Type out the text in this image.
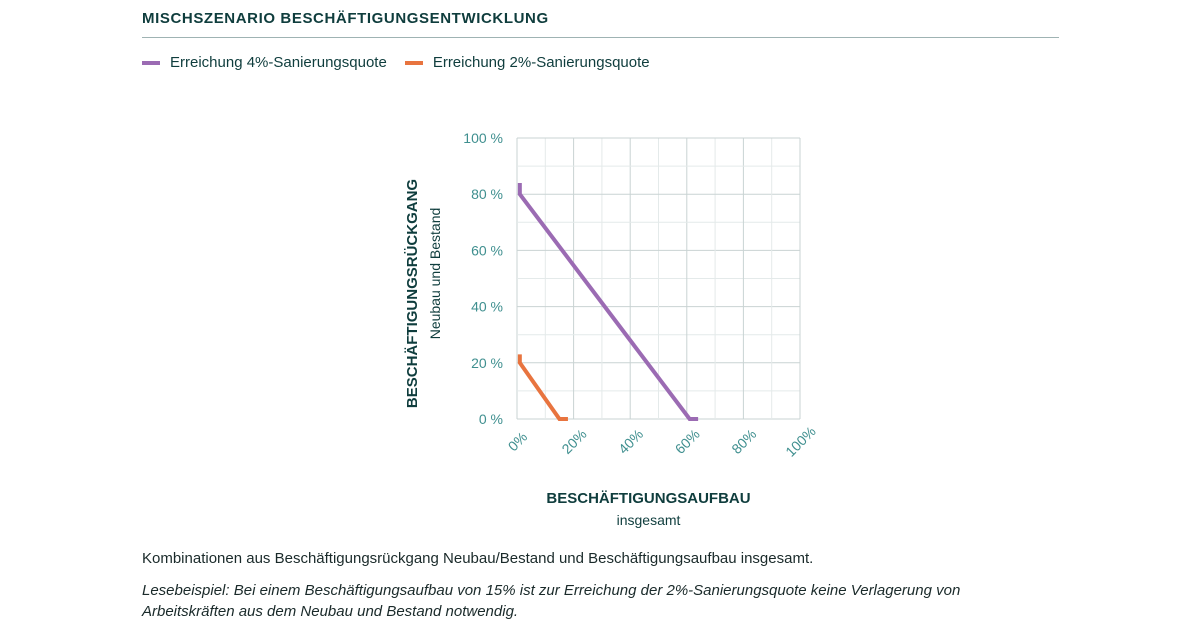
MISCHSZENARIO BESCHÄFTIGUNGSENTWICKLUNG
Erreichung 4%-Sanierungsquote	Erreichung 2%-Sanierungsquote
0 %
20 %
40 %
60 %
80 %
100 %
0% 20% 40% 60% 80% 100%
BESCHÄFTIGUNGSAUFBAU
insgesamt
BESCHÄFTIGUNGSRÜCKGANG Neubau und Bestand
Kombinationen aus Beschäftigungsrückgang Neubau/Bestand und Beschäftigungsaufbau insgesamt.
Lesebeispiel: Bei einem Beschäftigungsaufbau von 15% ist zur Erreichung der 2%-Sanierungsquote keine Verlagerung von Arbeitskräften aus dem Neubau und Bestand notwendig.
